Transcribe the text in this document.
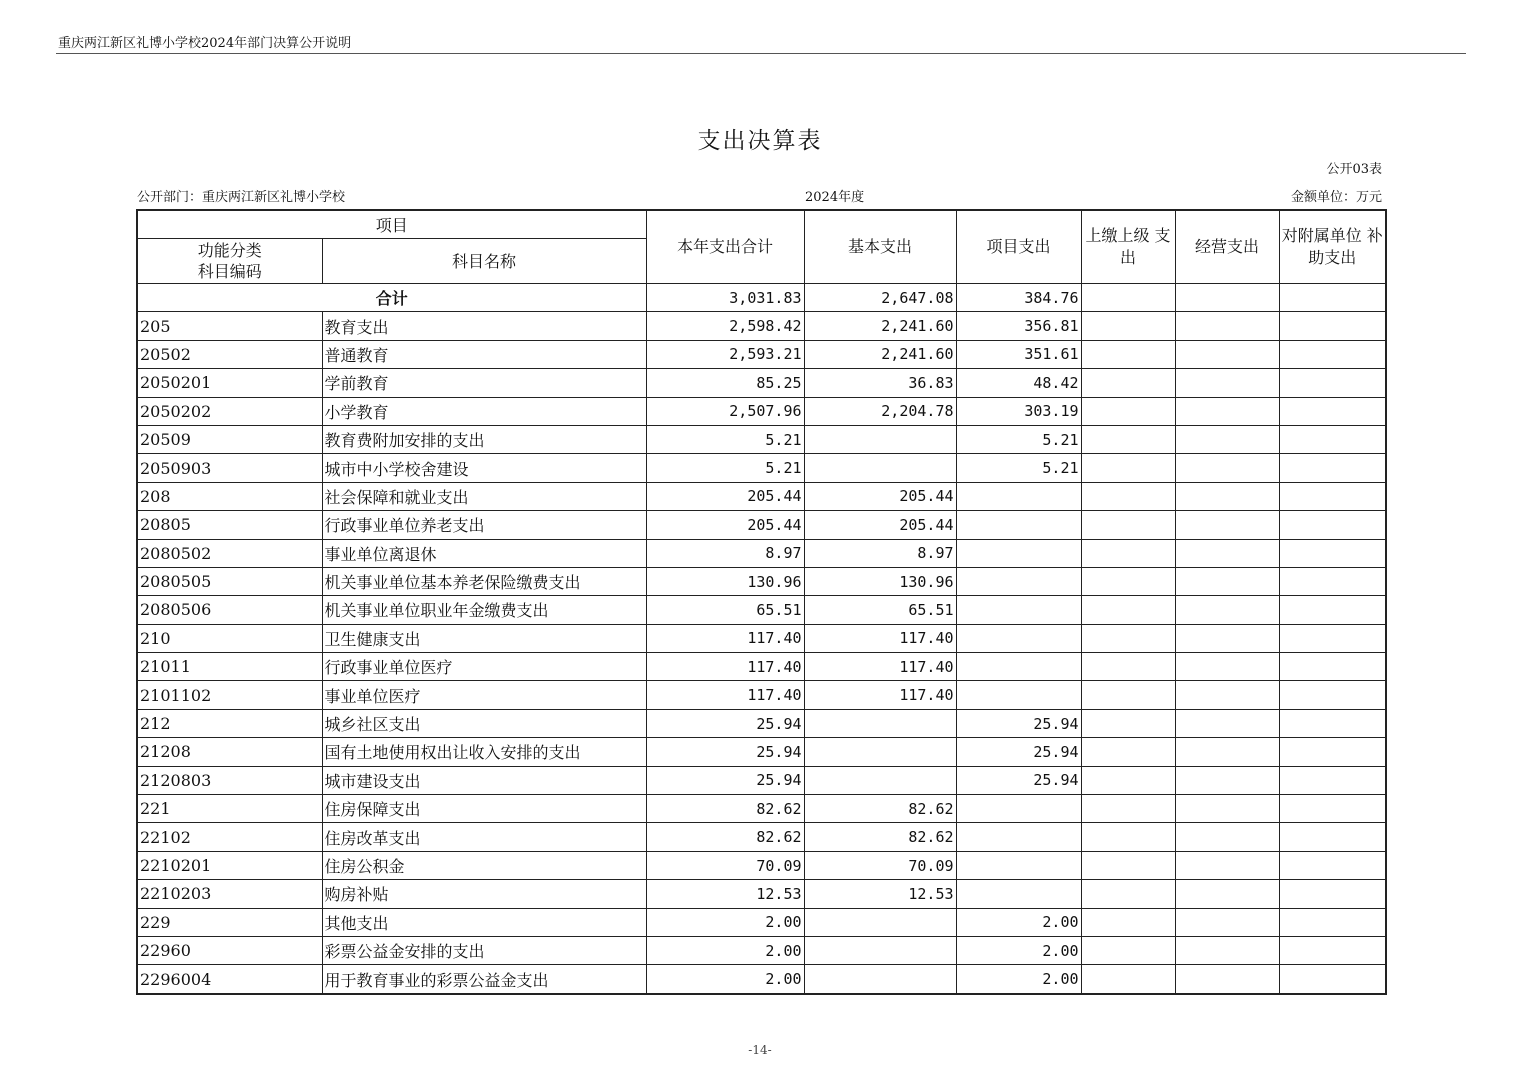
重庆两江新区礼博小学校2024年部门决算公开说明
支出决算表
公开03表
公开部门：重庆两江新区礼博小学校	2024年度	金额单位：万元
项目		本年支出合计	基本支出	项目支出	上缴上级 支出	经营支出	对附属单位 补助支出
功能分类
科目编码	科目名称						
合计		3,031.83	2,647.08	384.76			
205	教育支出	2,598.42	2,241.60	356.81			
20502	普通教育	2,593.21	2,241.60	351.61			
2050201	学前教育	85.25	36.83	48.42			
2050202	小学教育	2,507.96	2,204.78	303.19			
20509	教育费附加安排的支出	5.21		5.21			
2050903	城市中小学校舍建设	5.21		5.21			
208	社会保障和就业支出	205.44	205.44				
20805	行政事业单位养老支出	205.44	205.44				
2080502	事业单位离退休	8.97	8.97				
2080505	机关事业单位基本养老保险缴费支出	130.96	130.96				
2080506	机关事业单位职业年金缴费支出	65.51	65.51				
210	卫生健康支出	117.40	117.40				
21011	行政事业单位医疗	117.40	117.40				
2101102	事业单位医疗	117.40	117.40				
212	城乡社区支出	25.94		25.94			
21208	国有土地使用权出让收入安排的支出	25.94		25.94			
2120803	城市建设支出	25.94		25.94			
221	住房保障支出	82.62	82.62				
22102	住房改革支出	82.62	82.62				
2210201	住房公积金	70.09	70.09				
2210203	购房补贴	12.53	12.53				
229	其他支出	2.00		2.00			
22960	彩票公益金安排的支出	2.00		2.00			
2296004	用于教育事业的彩票公益金支出	2.00		2.00			
-14-
